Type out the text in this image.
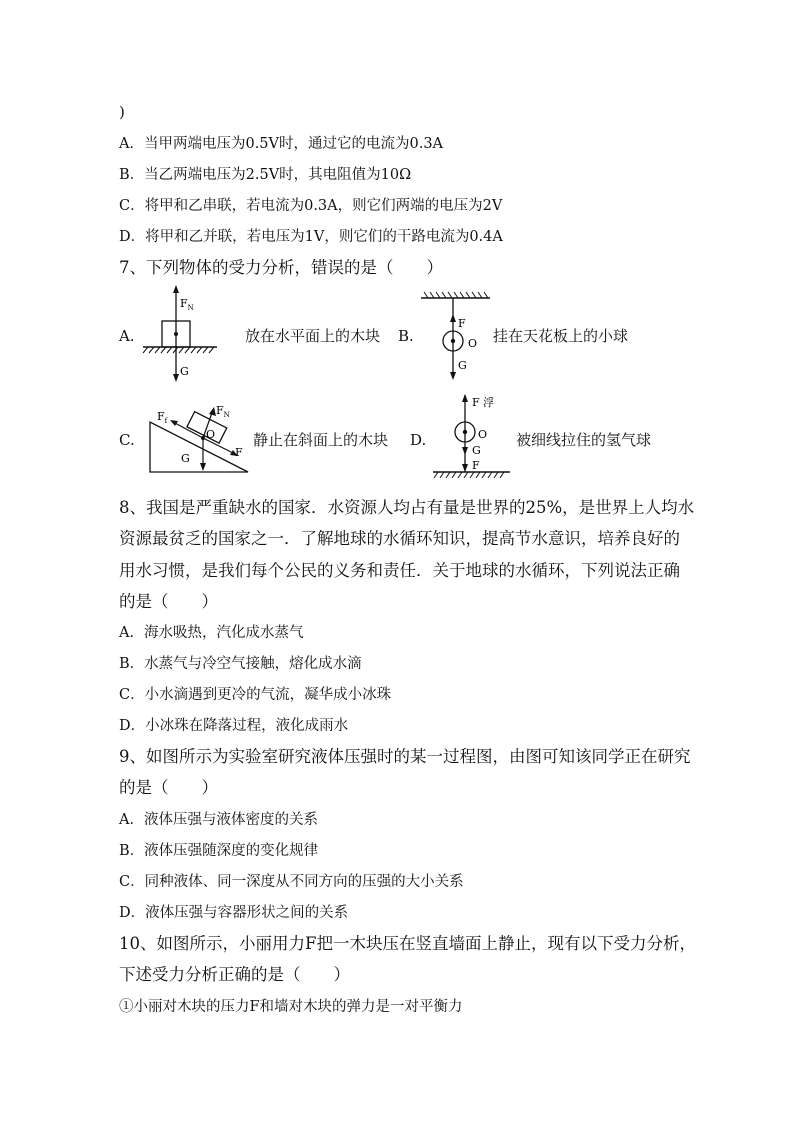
)
A．当甲两端电压为0.5V时，通过它的电流为0.3A
B．当乙两端电压为2.5V时，其电阻值为10Ω
C．将甲和乙串联，若电流为0.3A，则它们两端的电压为2V
D．将甲和乙并联，若电压为1V，则它们的干路电流为0.4A
7、下列物体的受力分析，错误的是（　　）
A.
$F_N$
G
放在水平面上的木块 B.
F
O
G
挂在天花板上的小球
C.
$F_f$
$F_N$
O
G	F
静止在斜面上的木块 D.
F 浮
O
G
F
被细线拉住的氢气球
8、我国是严重缺水的国家．水资源人均占有量是世界的25%，是世界上人均水
资源最贫乏的国家之一．了解地球的水循环知识，提高节水意识，培养良好的
用水习惯，是我们每个公民的义务和责任．关于地球的水循环，下列说法正确
的是（　　）
A．海水吸热，汽化成水蒸气
B．水蒸气与冷空气接触，熔化成水滴
C．小水滴遇到更冷的气流，凝华成小冰珠
D．小冰珠在降落过程，液化成雨水
9、如图所示为实验室研究液体压强时的某一过程图，由图可知该同学正在研究
的是（　　）
A．液体压强与液体密度的关系
B．液体压强随深度的变化规律
C．同种液体、同一深度从不同方向的压强的大小关系
D．液体压强与容器形状之间的关系
10、如图所示，小丽用力F把一木块压在竖直墙面上静止，现有以下受力分析，
下述受力分析正确的是（　　）
①小丽对木块的压力F和墙对木块的弹力是一对平衡力
